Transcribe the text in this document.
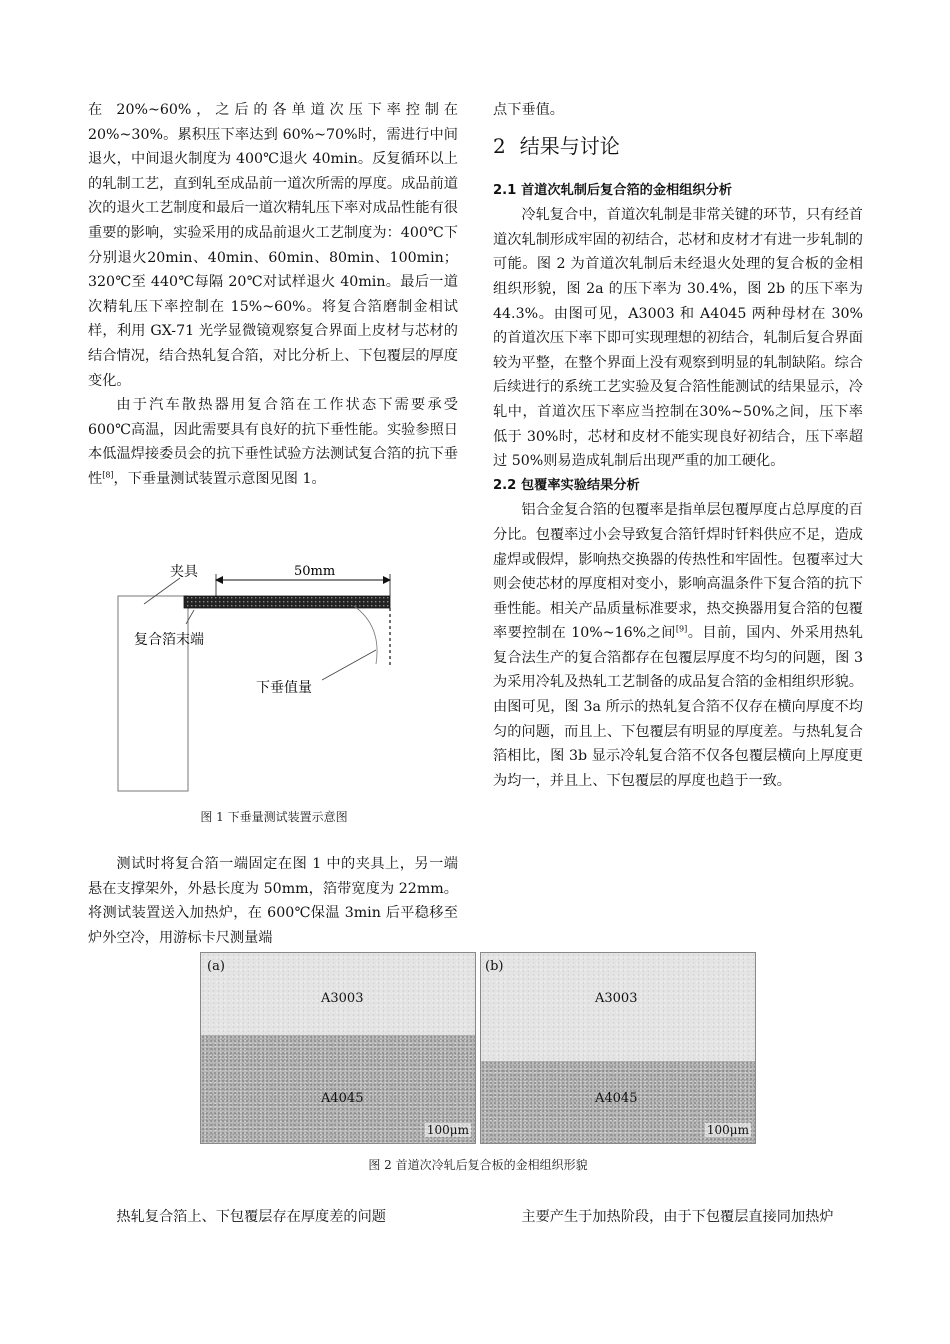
在 20%~60%，之后的各单道次压下率控制在20%~30%。累积压下率达到 60%~70%时，需进行中间退火，中间退火制度为 400℃退火 40min。反复循环以上的轧制工艺，直到轧至成品前一道次所需的厚度。成品前道次的退火工艺制度和最后一道次精轧压下率对成品性能有很重要的影响，实验采用的成品前退火工艺制度为：400℃下分别退火20min、40min、60min、80min、100min；320℃至 440℃每隔 20℃对试样退火 40min。最后一道次精轧压下率控制在 15%~60%。将复合箔磨制金相试样，利用 GX-71 光学显微镜观察复合界面上皮材与芯材的结合情况，结合热轧复合箔，对比分析上、下包覆层的厚度变化。

由于汽车散热器用复合箔在工作状态下需要承受 600℃高温，因此需要具有良好的抗下垂性能。实验参照日本低温焊接委员会的抗下垂性试验方法测试复合箔的抗下垂性[8]，下垂量测试装置示意图见图 1。

夹具	50mm
复合箔末端
下垂值量
图 1 下垂量测试装置示意图

测试时将复合箔一端固定在图 1 中的夹具上，另一端悬在支撑架外，外悬长度为 50mm，箔带宽度为 22mm。将测试装置送入加热炉，在 600℃保温 3min 后平稳移至炉外空冷，用游标卡尺测量端

点下垂值。

2 结果与讨论

2.1 首道次轧制后复合箔的金相组织分析

冷轧复合中，首道次轧制是非常关键的环节，只有经首道次轧制形成牢固的初结合，芯材和皮材才有进一步轧制的可能。图 2 为首道次轧制后未经退火处理的复合板的金相组织形貌，图 2a 的压下率为 30.4%，图 2b 的压下率为 44.3%。由图可见，A3003 和 A4045 两种母材在 30%的首道次压下率下即可实现理想的初结合，轧制后复合界面较为平整，在整个界面上没有观察到明显的轧制缺陷。综合后续进行的系统工艺实验及复合箔性能测试的结果显示，冷轧中，首道次压下率应当控制在30%~50%之间，压下率低于 30%时，芯材和皮材不能实现良好初结合，压下率超过 50%则易造成轧制后出现严重的加工硬化。

2.2 包覆率实验结果分析

铝合金复合箔的包覆率是指单层包覆厚度占总厚度的百分比。包覆率过小会导致复合箔钎焊时钎料供应不足，造成虚焊或假焊，影响热交换器的传热性和牢固性。包覆率过大则会使芯材的厚度相对变小，影响高温条件下复合箔的抗下垂性能。相关产品质量标准要求，热交换器用复合箔的包覆率要控制在 10%~16%之间[9]。目前，国内、外采用热轧复合法生产的复合箔都存在包覆层厚度不均匀的问题，图 3 为采用冷轧及热轧工艺制备的成品复合箔的金相组织形貌。由图可见，图 3a 所示的热轧复合箔不仅存在横向厚度不均匀的问题，而且上、下包覆层有明显的厚度差。与热轧复合箔相比，图 3b 显示冷轧复合箔不仅各包覆层横向上厚度更为均一，并且上、下包覆层的厚度也趋于一致。

(a)
A3003
A4045
100μm
(b)
A3003
A4045
100μm
图 2 首道次冷轧后复合板的金相组织形貌

热轧复合箔上、下包覆层存在厚度差的问题	主要产生于加热阶段，由于下包覆层直接同加热炉
